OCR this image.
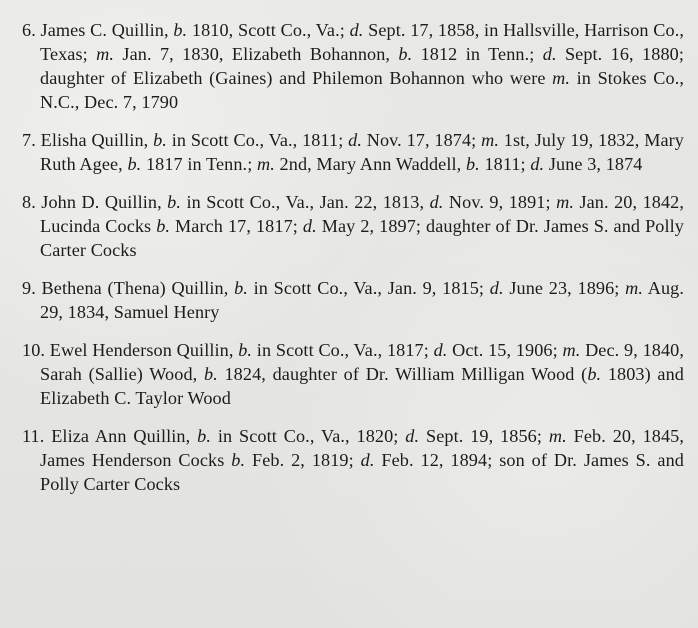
6. James C. Quillin, b. 1810, Scott Co., Va.; d. Sept. 17, 1858, in Hallsville, Harrison Co., Texas; m. Jan. 7, 1830, Elizabeth Bohannon, b. 1812 in Tenn.; d. Sept. 16, 1880; daughter of Elizabeth (Gaines) and Philemon Bohannon who were m. in Stokes Co., N.C., Dec. 7, 1790
7. Elisha Quillin, b. in Scott Co., Va., 1811; d. Nov. 17, 1874; m. 1st, July 19, 1832, Mary Ruth Agee, b. 1817 in Tenn.; m. 2nd, Mary Ann Waddell, b. 1811; d. June 3, 1874
8. John D. Quillin, b. in Scott Co., Va., Jan. 22, 1813, d. Nov. 9, 1891; m. Jan. 20, 1842, Lucinda Cocks b. March 17, 1817; d. May 2, 1897; daughter of Dr. James S. and Polly Carter Cocks
9. Bethena (Thena) Quillin, b. in Scott Co., Va., Jan. 9, 1815; d. June 23, 1896; m. Aug. 29, 1834, Samuel Henry
10. Ewel Henderson Quillin, b. in Scott Co., Va., 1817; d. Oct. 15, 1906; m. Dec. 9, 1840, Sarah (Sallie) Wood, b. 1824, daughter of Dr. William Milligan Wood (b. 1803) and Elizabeth C. Taylor Wood
11. Eliza Ann Quillin, b. in Scott Co., Va., 1820; d. Sept. 19, 1856; m. Feb. 20, 1845, James Henderson Cocks b. Feb. 2, 1819; d. Feb. 12, 1894; son of Dr. James S. and Polly Carter Cocks
